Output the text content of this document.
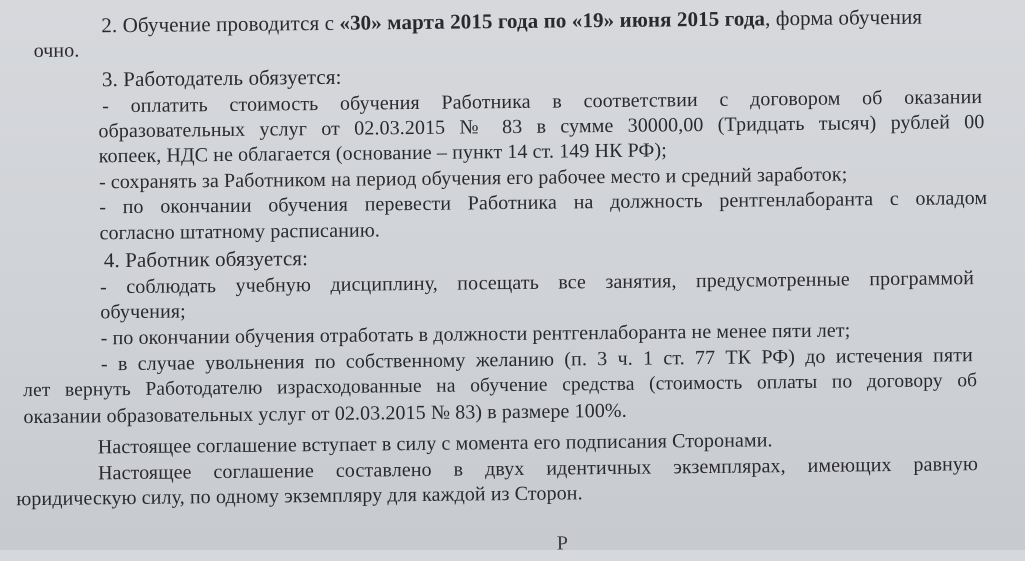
2. Обучение проводится с «30» марта 2015 года по «19» июня 2015 года, форма обучения
очно.
3. Работодатель обязуется:
- оплатить стоимость обучения Работника в соответствии с договором об оказании
образовательных услуг от 02.03.2015 № 83 в сумме 30000,00 (Тридцать тысяч) рублей 00
копеек, НДС не облагается (основание – пункт 14 ст. 149 НК РФ);
- сохранять за Работником на период обучения его рабочее место и средний заработок;
- по окончании обучения перевести Работника на должность рентгенлаборанта с окладом
согласно штатному расписанию.
4. Работник обязуется:
- соблюдать учебную дисциплину, посещать все занятия, предусмотренные программой
обучения;
- по окончании обучения отработать в должности рентгенлаборанта не менее пяти лет;
- в случае увольнения по собственному желанию (п. 3 ч. 1 ст. 77 ТК РФ) до истечения пяти
лет вернуть Работодателю израсходованные на обучение средства (стоимость оплаты по договору об
оказании образовательных услуг от 02.03.2015 № 83) в размере 100%.
Настоящее соглашение вступает в силу с момента его подписания Сторонами.
Настоящее соглашение составлено в двух идентичных экземплярах, имеющих равную
юридическую силу, по одному экземпляру для каждой из Сторон.
Р
